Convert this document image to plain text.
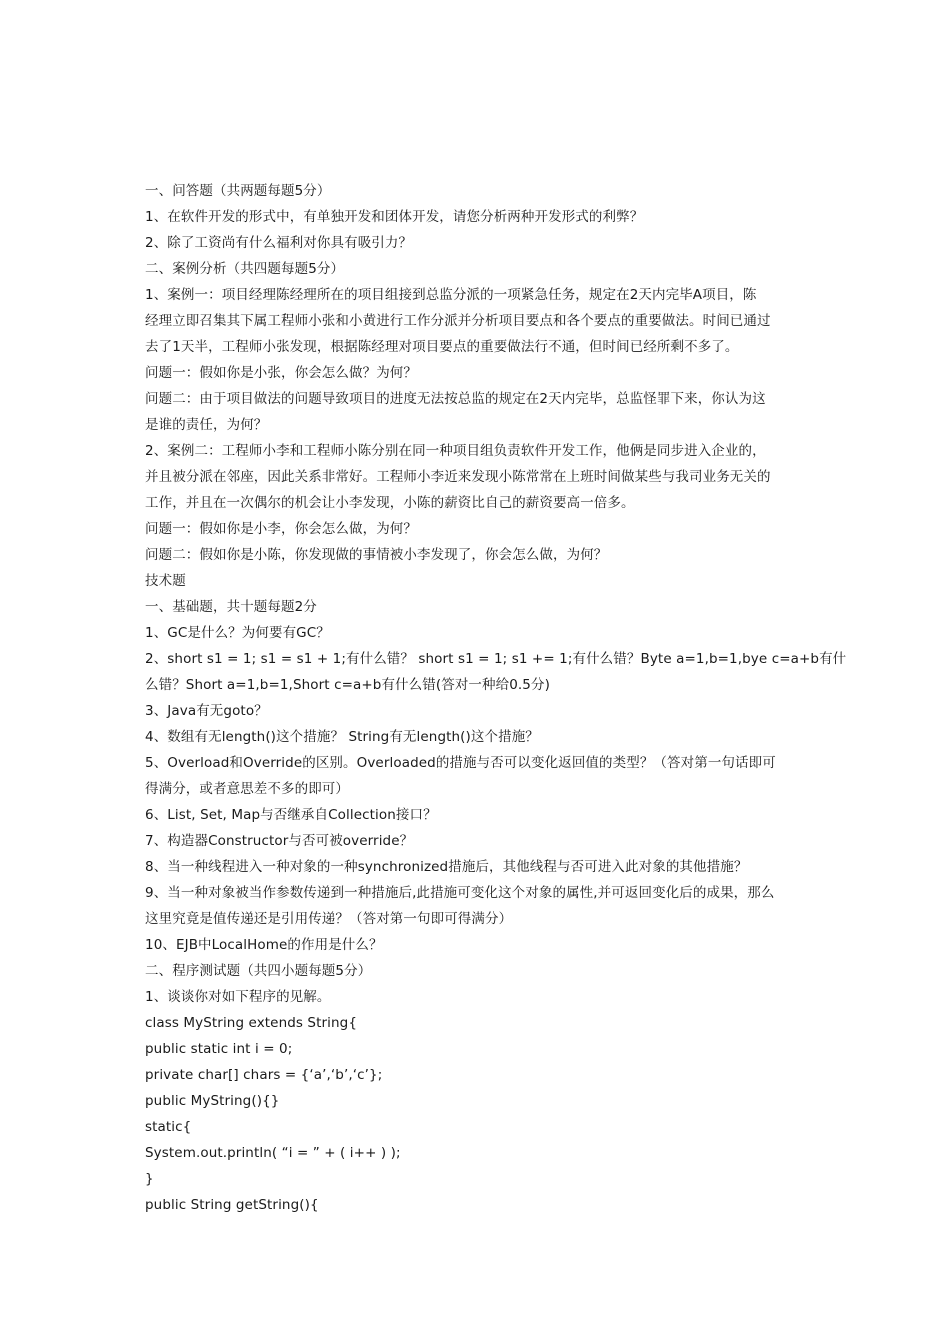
一、问答题（共两题每题5分）
1、在软件开发的形式中，有单独开发和团体开发，请您分析两种开发形式的利弊？
2、除了工资尚有什么福利对你具有吸引力？
二、案例分析（共四题每题5分）
1、案例一：项目经理陈经理所在的项目组接到总监分派的一项紧急任务，规定在2天内完毕A项目，陈
经理立即召集其下属工程师小张和小黄进行工作分派并分析项目要点和各个要点的重要做法。时间已通过
去了1天半，工程师小张发现，根据陈经理对项目要点的重要做法行不通，但时间已经所剩不多了。
问题一：假如你是小张，你会怎么做？为何？
问题二：由于项目做法的问题导致项目的进度无法按总监的规定在2天内完毕，总监怪罪下来，你认为这
是谁的责任，为何？
2、案例二：工程师小李和工程师小陈分别在同一种项目组负责软件开发工作，他俩是同步进入企业的，
并且被分派在邻座，因此关系非常好。工程师小李近来发现小陈常常在上班时间做某些与我司业务无关的
工作，并且在一次偶尔的机会让小李发现，小陈的薪资比自己的薪资要高一倍多。
问题一：假如你是小李，你会怎么做，为何？
问题二：假如你是小陈，你发现做的事情被小李发现了，你会怎么做，为何？
技术题
一、基础题，共十题每题2分
1、GC是什么？为何要有GC？
2、short s1 = 1; s1 = s1 + 1;有什么错？ short s1 = 1; s1 += 1;有什么错？Byte a=1,b=1,bye c=a+b有什
么错？Short a=1,b=1,Short c=a+b有什么错(答对一种给0.5分)
3、Java有无goto？
4、数组有无length()这个措施？ String有无length()这个措施？
5、Overload和Override的区别。Overloaded的措施与否可以变化返回值的类型？（答对第一句话即可
得满分，或者意思差不多的即可）
6、List, Set, Map与否继承自Collection接口？
7、构造器Constructor与否可被override？
8、当一种线程进入一种对象的一种synchronized措施后，其他线程与否可进入此对象的其他措施？
9、当一种对象被当作参数传递到一种措施后,此措施可变化这个对象的属性,并可返回变化后的成果，那么
这里究竟是值传递还是引用传递？（答对第一句即可得满分）
10、EJB中LocalHome的作用是什么？
二、程序测试题（共四小题每题5分）
1、谈谈你对如下程序的见解。
class MyString extends String{
public static int i = 0;
private char[] chars = {‘a’,‘b’,‘c’};
public MyString(){}
static{
System.out.println( “i = ” + ( i++ ) );
}
public String getString(){
